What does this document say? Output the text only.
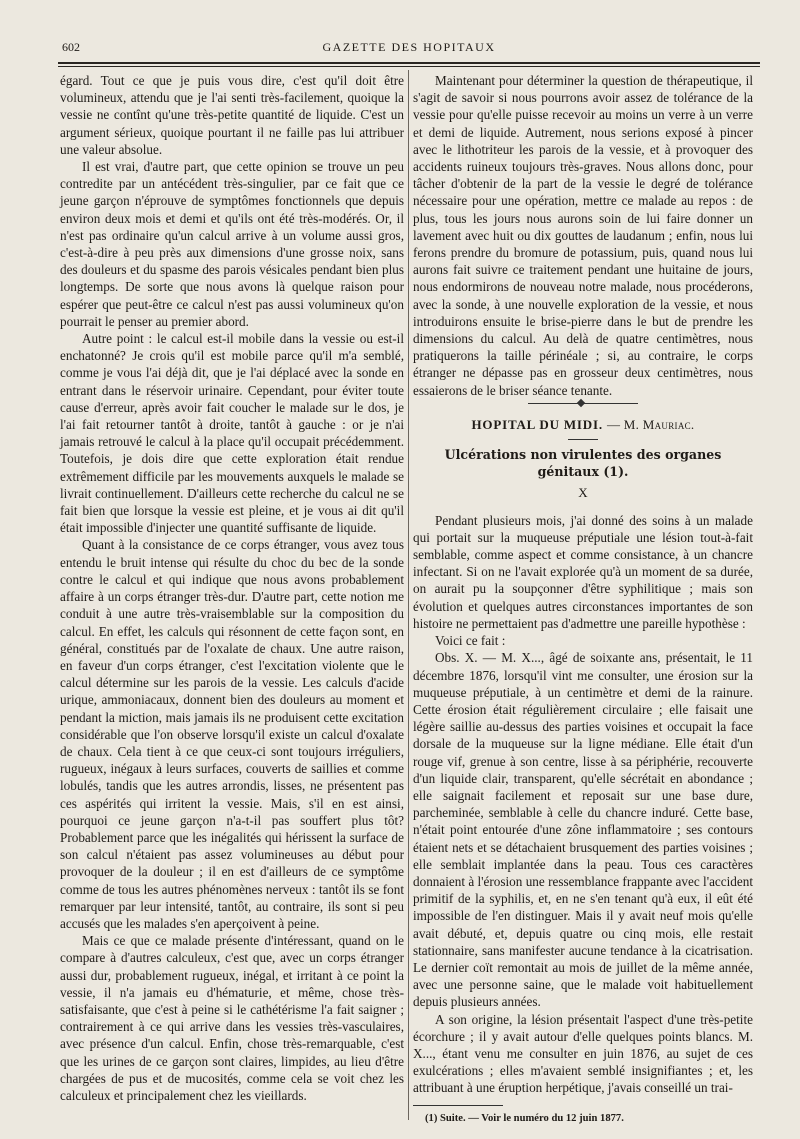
602	GAZETTE DES HOPITAUX

égard. Tout ce que je puis vous dire, c'est qu'il doit être volumineux, attendu que je l'ai senti très-facilement, quoique la vessie ne contînt qu'une très-petite quantité de liquide. C'est un argument sérieux, quoique pourtant il ne faille pas lui attribuer une valeur absolue.

Il est vrai, d'autre part, que cette opinion se trouve un peu contredite par un antécédent très-singulier, par ce fait que ce jeune garçon n'éprouve de symptômes fonctionnels que depuis environ deux mois et demi et qu'ils ont été très-modérés. Or, il n'est pas ordinaire qu'un calcul arrive à un volume aussi gros, c'est-à-dire à peu près aux dimensions d'une grosse noix, sans des douleurs et du spasme des parois vésicales pendant bien plus longtemps. De sorte que nous avons là quelque raison pour espérer que peut-être ce calcul n'est pas aussi volumineux qu'on pourrait le penser au premier abord.

Autre point : le calcul est-il mobile dans la vessie ou est-il enchatonné? Je crois qu'il est mobile parce qu'il m'a semblé, comme je vous l'ai déjà dit, que je l'ai déplacé avec la sonde en entrant dans le réservoir urinaire. Cependant, pour éviter toute cause d'erreur, après avoir fait coucher le malade sur le dos, je l'ai fait retourner tantôt à droite, tantôt à gauche : or je n'ai jamais retrouvé le calcul à la place qu'il occupait précédemment. Toutefois, je dois dire que cette exploration était rendue extrêmement difficile par les mouvements auxquels le malade se livrait continuellement. D'ailleurs cette recherche du calcul ne se fait bien que lorsque la vessie est pleine, et je vous ai dit qu'il était impossible d'injecter une quantité suffisante de liquide.

Quant à la consistance de ce corps étranger, vous avez tous entendu le bruit intense qui résulte du choc du bec de la sonde contre le calcul et qui indique que nous avons probablement affaire à un corps étranger très-dur. D'autre part, cette notion me conduit à une autre très-vraisemblable sur la composition du calcul. En effet, les calculs qui résonnent de cette façon sont, en général, constitués par de l'oxalate de chaux. Une autre raison, en faveur d'un corps étranger, c'est l'excitation violente que le calcul détermine sur les parois de la vessie. Les calculs d'acide urique, ammoniacaux, donnent bien des douleurs au moment et pendant la miction, mais jamais ils ne produisent cette excitation considérable que l'on observe lorsqu'il existe un calcul d'oxalate de chaux. Cela tient à ce que ceux-ci sont toujours irréguliers, rugueux, inégaux à leurs surfaces, couverts de saillies et comme lobulés, tandis que les autres arrondis, lisses, ne présentent pas ces aspérités qui irritent la vessie. Mais, s'il en est ainsi, pourquoi ce jeune garçon n'a-t-il pas souffert plus tôt? Probablement parce que les inégalités qui hérissent la surface de son calcul n'étaient pas assez volumineuses au début pour provoquer de la douleur ; il en est d'ailleurs de ce symptôme comme de tous les autres phénomènes nerveux : tantôt ils se font remarquer par leur intensité, tantôt, au contraire, ils sont si peu accusés que les malades s'en aperçoivent à peine.

Mais ce que ce malade présente d'intéressant, quand on le compare à d'autres calculeux, c'est que, avec un corps étranger aussi dur, probablement rugueux, inégal, et irritant à ce point la vessie, il n'a jamais eu d'hématurie, et même, chose très-satisfaisante, que c'est à peine si le cathétérisme l'a fait saigner ; contrairement à ce qui arrive dans les vessies très-vasculaires, avec présence d'un calcul. Enfin, chose très-remarquable, c'est que les urines de ce garçon sont claires, limpides, au lieu d'être chargées de pus et de mucosités, comme cela se voit chez les calculeux et principalement chez les vieillards.

Maintenant pour déterminer la question de thérapeutique, il s'agit de savoir si nous pourrons avoir assez de tolérance de la vessie pour qu'elle puisse recevoir au moins un verre à un verre et demi de liquide. Autrement, nous serions exposé à pincer avec le lithotriteur les parois de la vessie, et à provoquer des accidents ruineux toujours très-graves. Nous allons donc, pour tâcher d'obtenir de la part de la vessie le degré de tolérance nécessaire pour une opération, mettre ce malade au repos : de plus, tous les jours nous aurons soin de lui faire donner un lavement avec huit ou dix gouttes de laudanum ; enfin, nous lui ferons prendre du bromure de potassium, puis, quand nous lui aurons fait suivre ce traitement pendant une huitaine de jours, nous endormirons de nouveau notre malade, nous procéderons, avec la sonde, à une nouvelle exploration de la vessie, et nous introduirons ensuite le brise-pierre dans le but de prendre les dimensions du calcul. Au delà de quatre centimètres, nous pratiquerons la taille périnéale ; si, au contraire, le corps étranger ne dépasse pas en grosseur deux centimètres, nous essaierons de le briser séance tenante.

HOPITAL DU MIDI. — M. Mauriac.
Ulcérations non virulentes des organes génitaux (1).
X

Pendant plusieurs mois, j'ai donné des soins à un malade qui portait sur la muqueuse préputiale une lésion tout-à-fait semblable, comme aspect et comme consistance, à un chancre infectant. Si on ne l'avait explorée qu'à un moment de sa durée, on aurait pu la soupçonner d'être syphilitique ; mais son évolution et quelques autres circonstances importantes de son histoire ne permettaient pas d'admettre une pareille hypothèse :

Voici ce fait :

Obs. X. — M. X..., âgé de soixante ans, présentait, le 11 décembre 1876, lorsqu'il vint me consulter, une érosion sur la muqueuse préputiale, à un centimètre et demi de la rainure. Cette érosion était régulièrement circulaire ; elle faisait une légère saillie au-dessus des parties voisines et occupait la face dorsale de la muqueuse sur la ligne médiane. Elle était d'un rouge vif, grenue à son centre, lisse à sa périphérie, recouverte d'un liquide clair, transparent, qu'elle sécrétait en abondance ; elle saignait facilement et reposait sur une base dure, parcheminée, semblable à celle du chancre induré. Cette base, n'était point entourée d'une zône inflammatoire ; ses contours étaient nets et se détachaient brusquement des parties voisines ; elle semblait implantée dans la peau. Tous ces caractères donnaient à l'érosion une ressemblance frappante avec l'accident primitif de la syphilis, et, en ne s'en tenant qu'à eux, il eût été impossible de l'en distinguer. Mais il y avait neuf mois qu'elle avait débuté, et, depuis quatre ou cinq mois, elle restait stationnaire, sans manifester aucune tendance à la cicatrisation. Le dernier coït remontait au mois de juillet de la même année, avec une personne saine, que le malade voit habituellement depuis plusieurs années.

A son origine, la lésion présentait l'aspect d'une très-petite écorchure ; il y avait autour d'elle quelques points blancs. M. X..., étant venu me consulter en juin 1876, au sujet de ces exulcérations ; elles m'avaient semblé insignifiantes ; et, les attribuant à une éruption herpétique, j'avais conseillé un trai-

(1) Suite. — Voir le numéro du 12 juin 1877.
